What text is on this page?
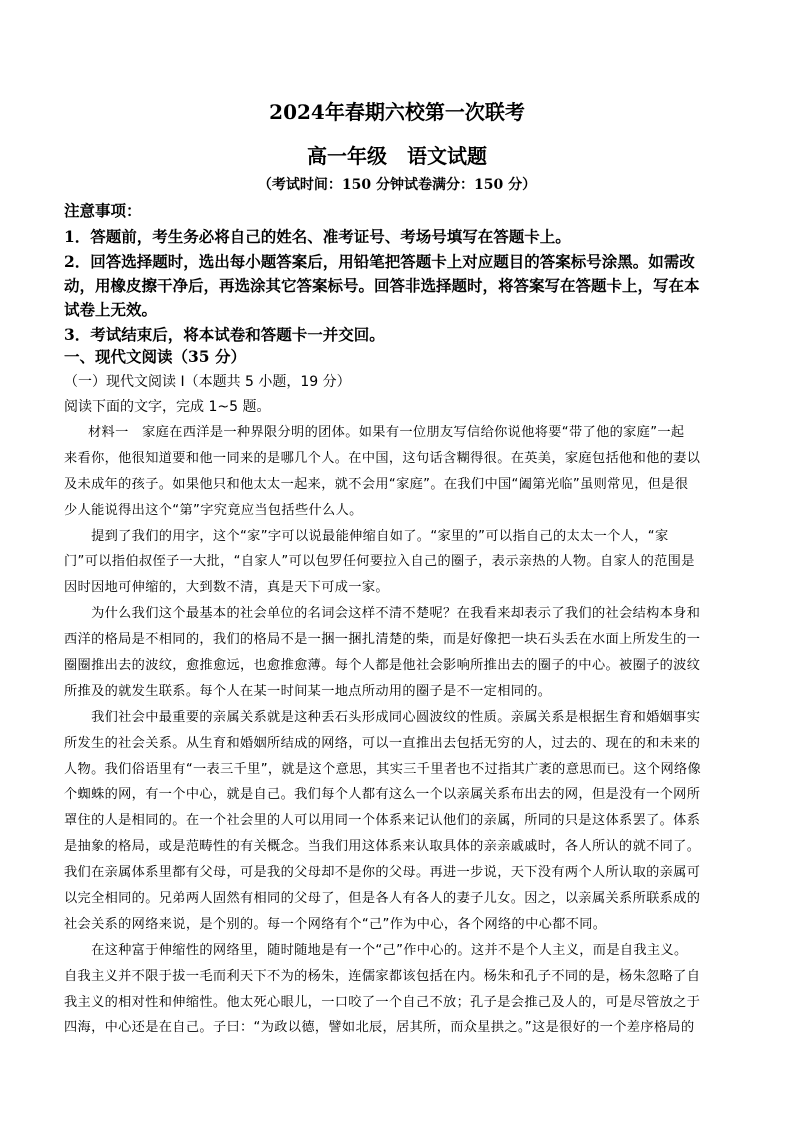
2024年春期六校第一次联考
高一年级　语文试题
（考试时间：150 分钟试卷满分：150 分）
注意事项：
1．答题前，考生务必将自己的姓名、准考证号、考场号填写在答题卡上。
2．回答选择题时，选出每小题答案后，用铅笔把答题卡上对应题目的答案标号涂黑。如需改
动，用橡皮擦干净后，再选涂其它答案标号。回答非选择题时，将答案写在答题卡上，写在本
试卷上无效。
3．考试结束后，将本试卷和答题卡一并交回。
一、现代文阅读（35 分）
（一）现代文阅读 I（本题共 5 小题，19 分）
阅读下面的文字，完成 1~5 题。
材料一　家庭在西洋是一种界限分明的团体。如果有一位朋友写信给你说他将要“带了他的家庭”一起
来看你，他很知道要和他一同来的是哪几个人。在中国，这句话含糊得很。在英美，家庭包括他和他的妻以
及未成年的孩子。如果他只和他太太一起来，就不会用“家庭”。在我们中国“阖第光临”虽则常见，但是很
少人能说得出这个“第”字究竟应当包括些什么人。
　　提到了我们的用字，这个“家”字可以说最能伸缩自如了。“家里的”可以指自己的太太一个人，“家
门”可以指伯叔侄子一大批，“自家人”可以包罗任何要拉入自己的圈子，表示亲热的人物。自家人的范围是
因时因地可伸缩的，大到数不清，真是天下可成一家。
　　为什么我们这个最基本的社会单位的名词会这样不清不楚呢？在我看来却表示了我们的社会结构本身和
西洋的格局是不相同的，我们的格局不是一捆一捆扎清楚的柴，而是好像把一块石头丢在水面上所发生的一
圈圈推出去的波纹，愈推愈远，也愈推愈薄。每个人都是他社会影响所推出去的圈子的中心。被圈子的波纹
所推及的就发生联系。每个人在某一时间某一地点所动用的圈子是不一定相同的。
　　我们社会中最重要的亲属关系就是这种丢石头形成同心圆波纹的性质。亲属关系是根据生育和婚姻事实
所发生的社会关系。从生育和婚姻所结成的网络，可以一直推出去包括无穷的人，过去的、现在的和未来的
人物。我们俗语里有“一表三千里”，就是这个意思，其实三千里者也不过指其广袤的意思而已。这个网络像
个蜘蛛的网，有一个中心，就是自己。我们每个人都有这么一个以亲属关系布出去的网，但是没有一个网所
罩住的人是相同的。在一个社会里的人可以用同一个体系来记认他们的亲属，所同的只是这体系罢了。体系
是抽象的格局，或是范畴性的有关概念。当我们用这体系来认取具体的亲亲戚戚时，各人所认的就不同了。
我们在亲属体系里都有父母，可是我的父母却不是你的父母。再进一步说，天下没有两个人所认取的亲属可
以完全相同的。兄弟两人固然有相同的父母了，但是各人有各人的妻子儿女。因之，以亲属关系所联系成的
社会关系的网络来说，是个别的。每一个网络有个“己”作为中心，各个网络的中心都不同。
　　在这种富于伸缩性的网络里，随时随地是有一个“己”作中心的。这并不是个人主义，而是自我主义。
自我主义并不限于拔一毛而利天下不为的杨朱，连儒家都该包括在内。杨朱和孔子不同的是，杨朱忽略了自
我主义的相对性和伸缩性。他太死心眼儿，一口咬了一个自己不放；孔子是会推己及人的，可是尽管放之于
四海，中心还是在自己。子曰：“为政以德，譬如北辰，居其所，而众星拱之。”这是很好的一个差序格局的
